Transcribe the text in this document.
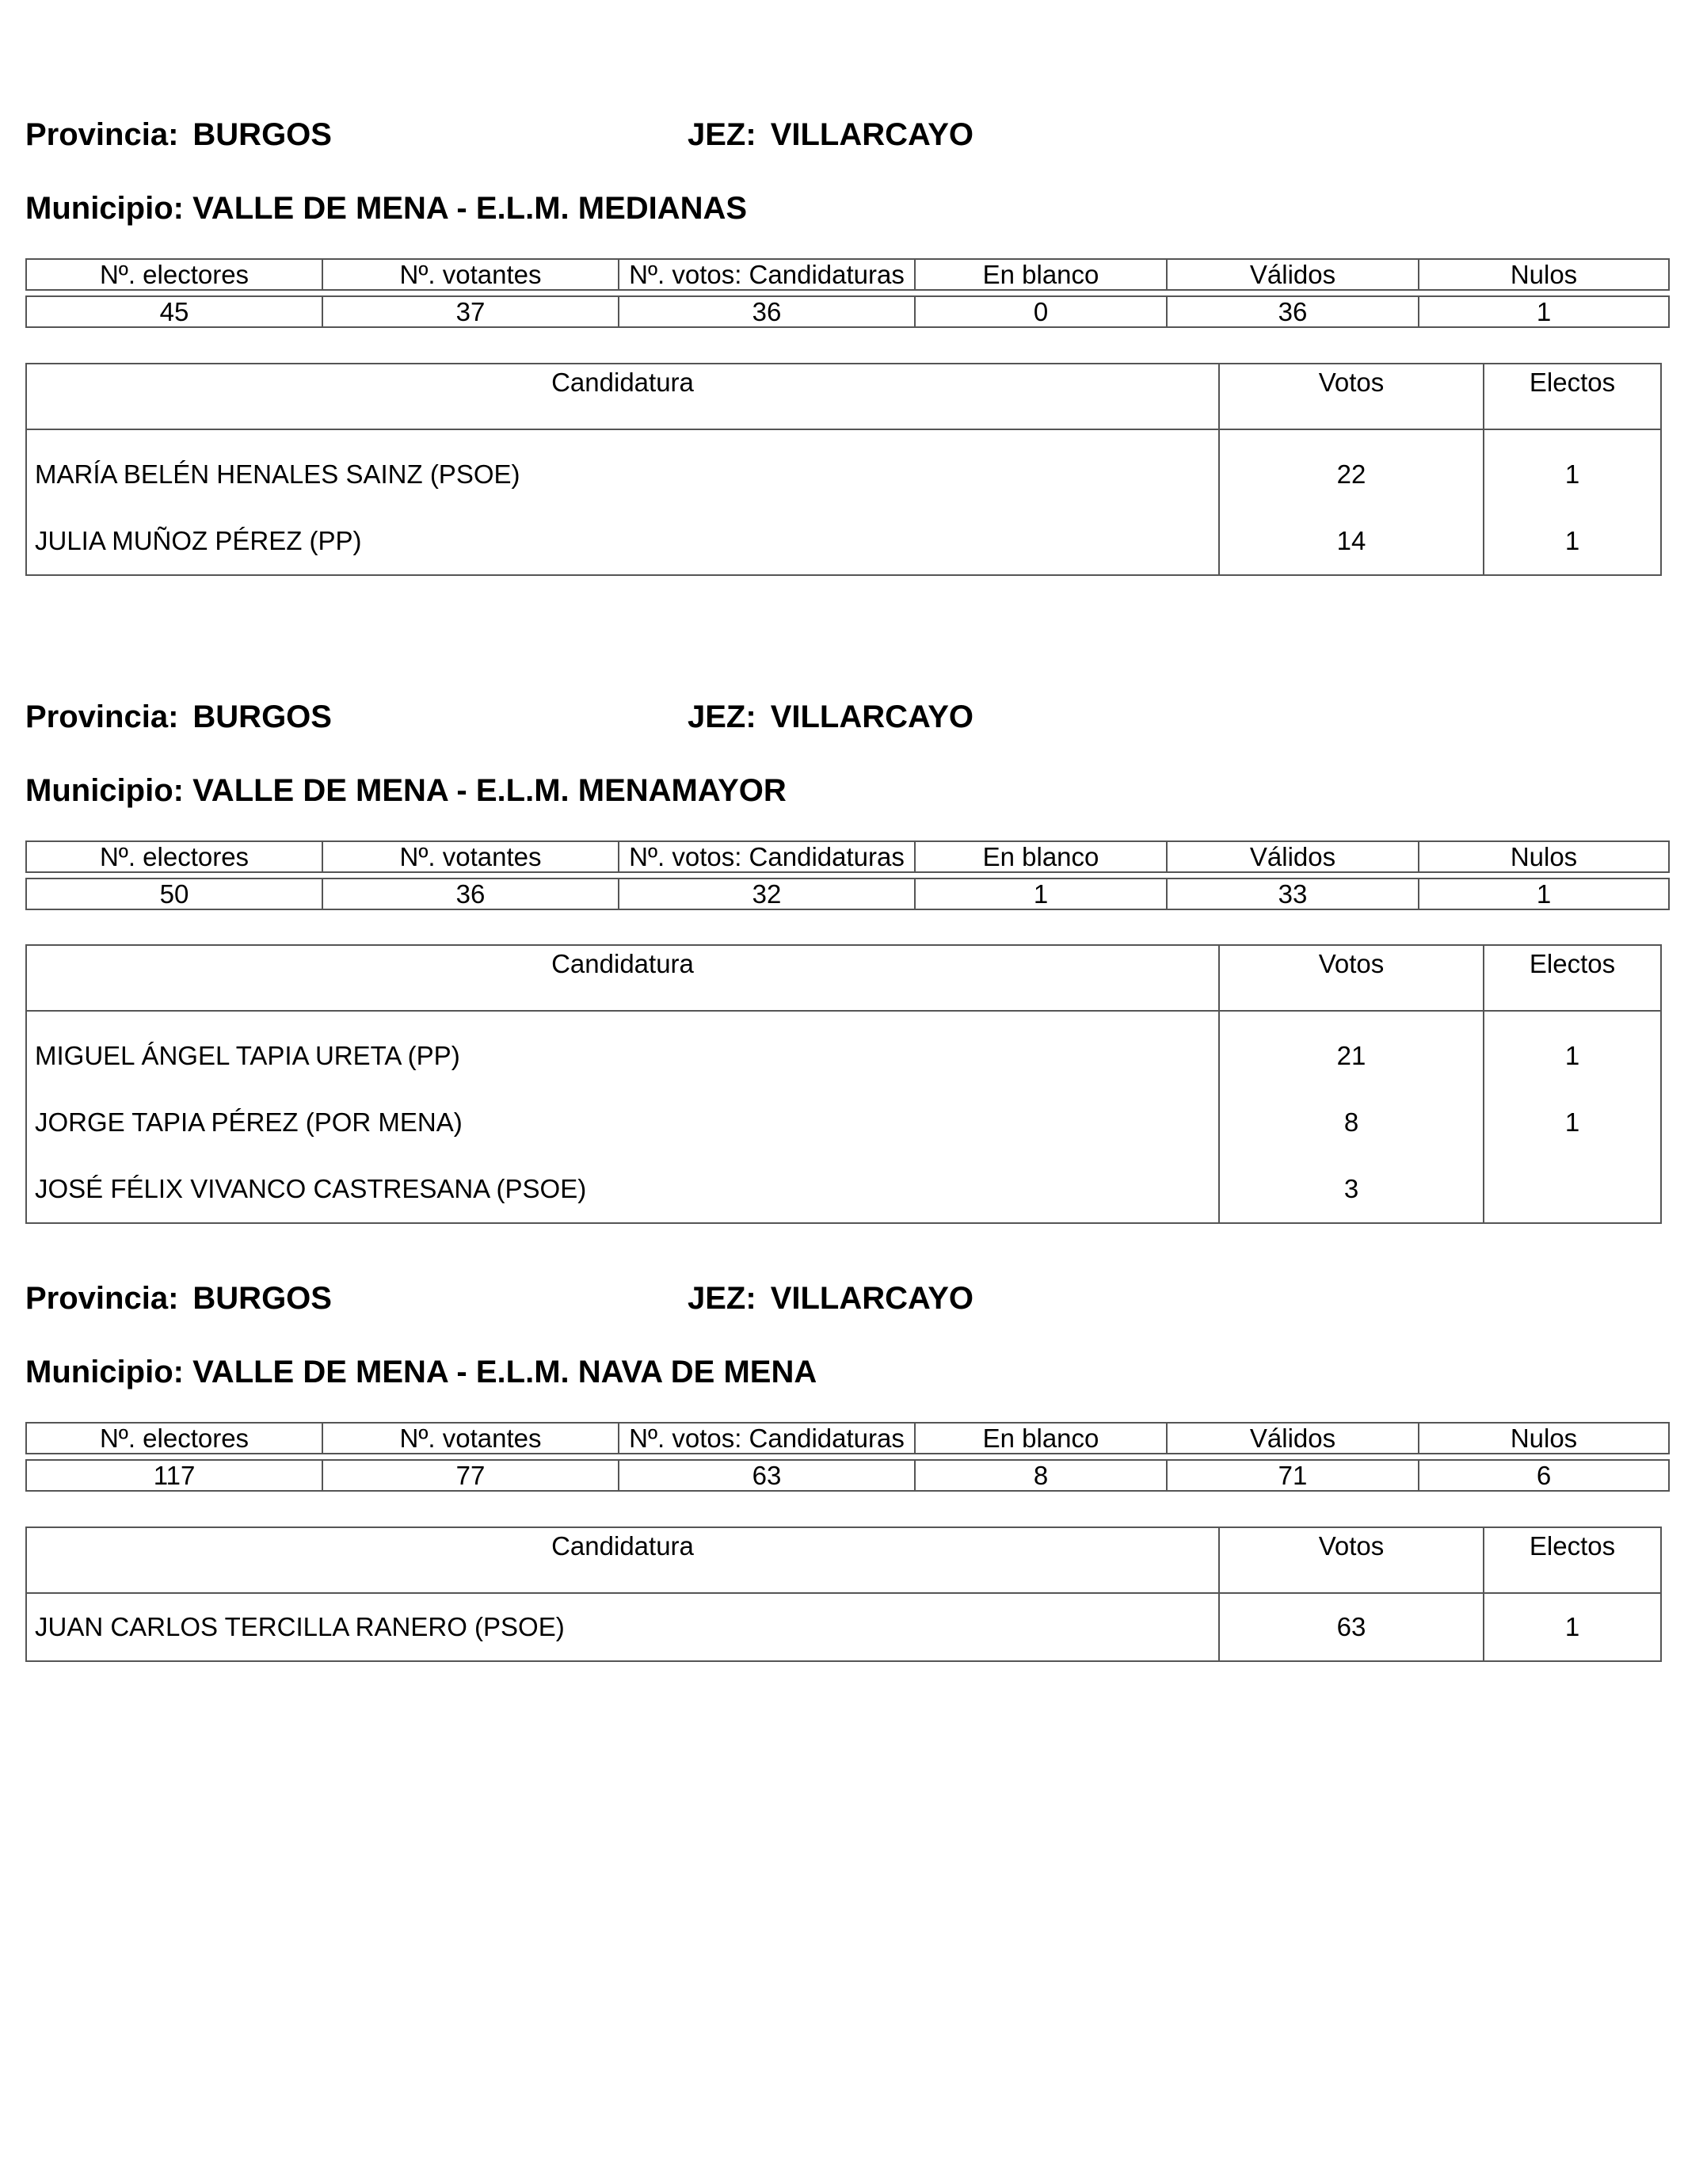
Provincia: BURGOS	JEZ: VILLARCAYO
Municipio: VALLE DE MENA - E.L.M. MEDIANAS
Nº. electores	Nº. votantes	Nº. votos: Candidaturas	En blanco	Válidos	Nulos

45	37	36	0	36	1
Candidatura	Votos	Electos
MARÍA BELÉN HENALES SAINZ (PSOE)	22	1
JULIA MUÑOZ PÉREZ (PP)	14	1
Provincia: BURGOS	JEZ: VILLARCAYO
Municipio: VALLE DE MENA - E.L.M. MENAMAYOR
Nº. electores	Nº. votantes	Nº. votos: Candidaturas	En blanco	Válidos	Nulos

50	36	32	1	33	1
Candidatura	Votos	Electos
MIGUEL ÁNGEL TAPIA URETA (PP)	21	1
JORGE TAPIA PÉREZ (POR MENA)	8	1
JOSÉ FÉLIX VIVANCO CASTRESANA (PSOE)	3	
Provincia: BURGOS	JEZ: VILLARCAYO
Municipio: VALLE DE MENA - E.L.M. NAVA DE MENA
Nº. electores	Nº. votantes	Nº. votos: Candidaturas	En blanco	Válidos	Nulos

117	77	63	8	71	6
Candidatura	Votos	Electos
JUAN CARLOS TERCILLA RANERO (PSOE)	63	1
